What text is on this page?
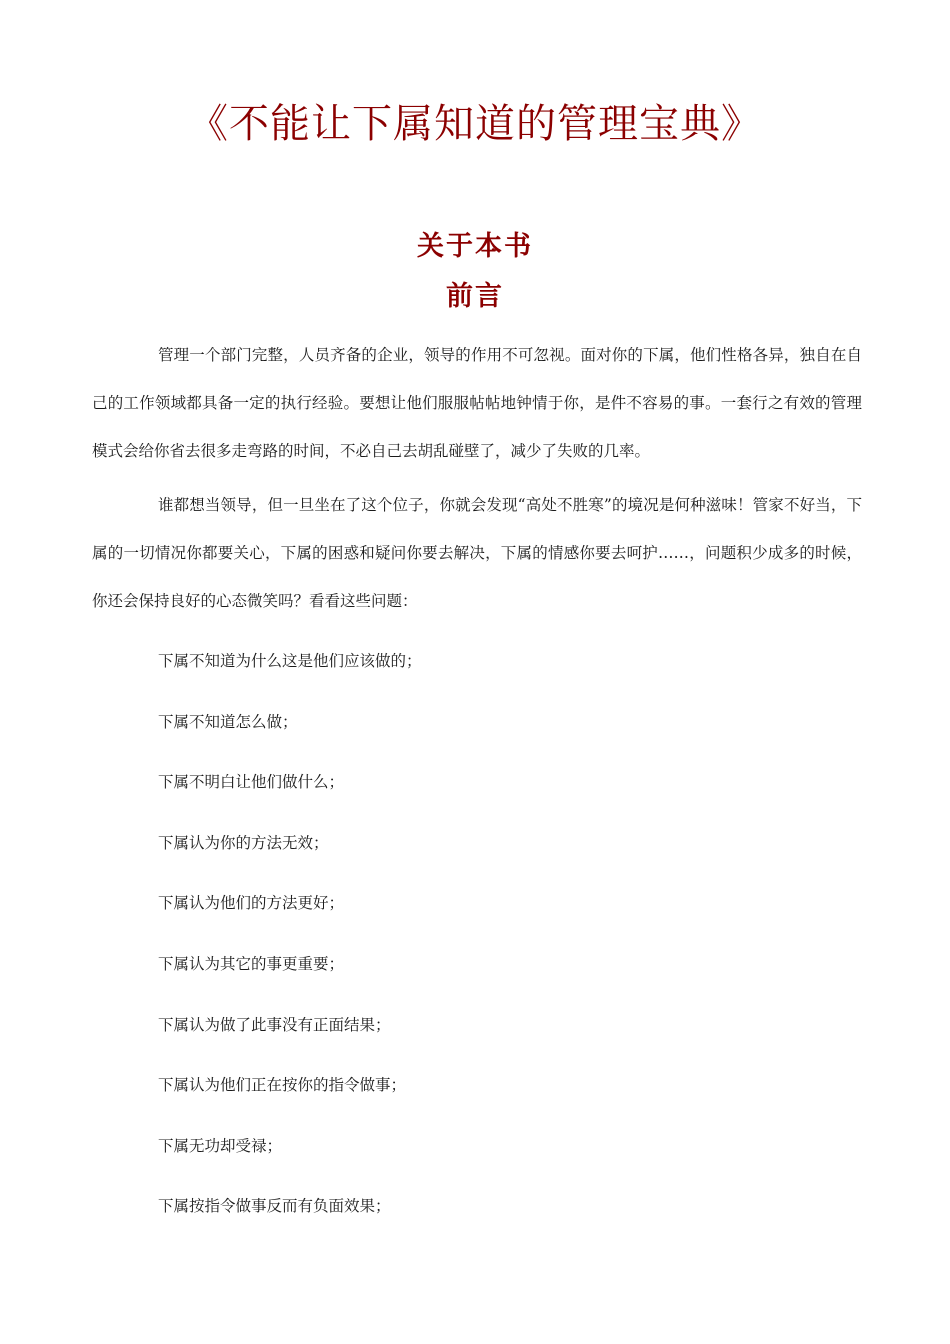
《不能让下属知道的管理宝典》
关于本书
前言

管理一个部门完整，人员齐备的企业，领导的作用不可忽视。面对你的下属，他们性格各异，独自在自己的工作领域都具备一定的执行经验。要想让他们服服帖帖地钟情于你，是件不容易的事。一套行之有效的管理模式会给你省去很多走弯路的时间，不必自己去胡乱碰壁了，减少了失败的几率。

谁都想当领导，但一旦坐在了这个位子，你就会发现“高处不胜寒”的境况是何种滋味！管家不好当，下属的一切情况你都要关心，下属的困惑和疑问你要去解决，下属的情感你要去呵护……，问题积少成多的时候，你还会保持良好的心态微笑吗？看看这些问题：

下属不知道为什么这是他们应该做的；
下属不知道怎么做；
下属不明白让他们做什么；
下属认为你的方法无效；
下属认为他们的方法更好；
下属认为其它的事更重要；
下属认为做了此事没有正面结果；
下属认为他们正在按你的指令做事；
下属无功却受禄；
下属按指令做事反而有负面效果；
